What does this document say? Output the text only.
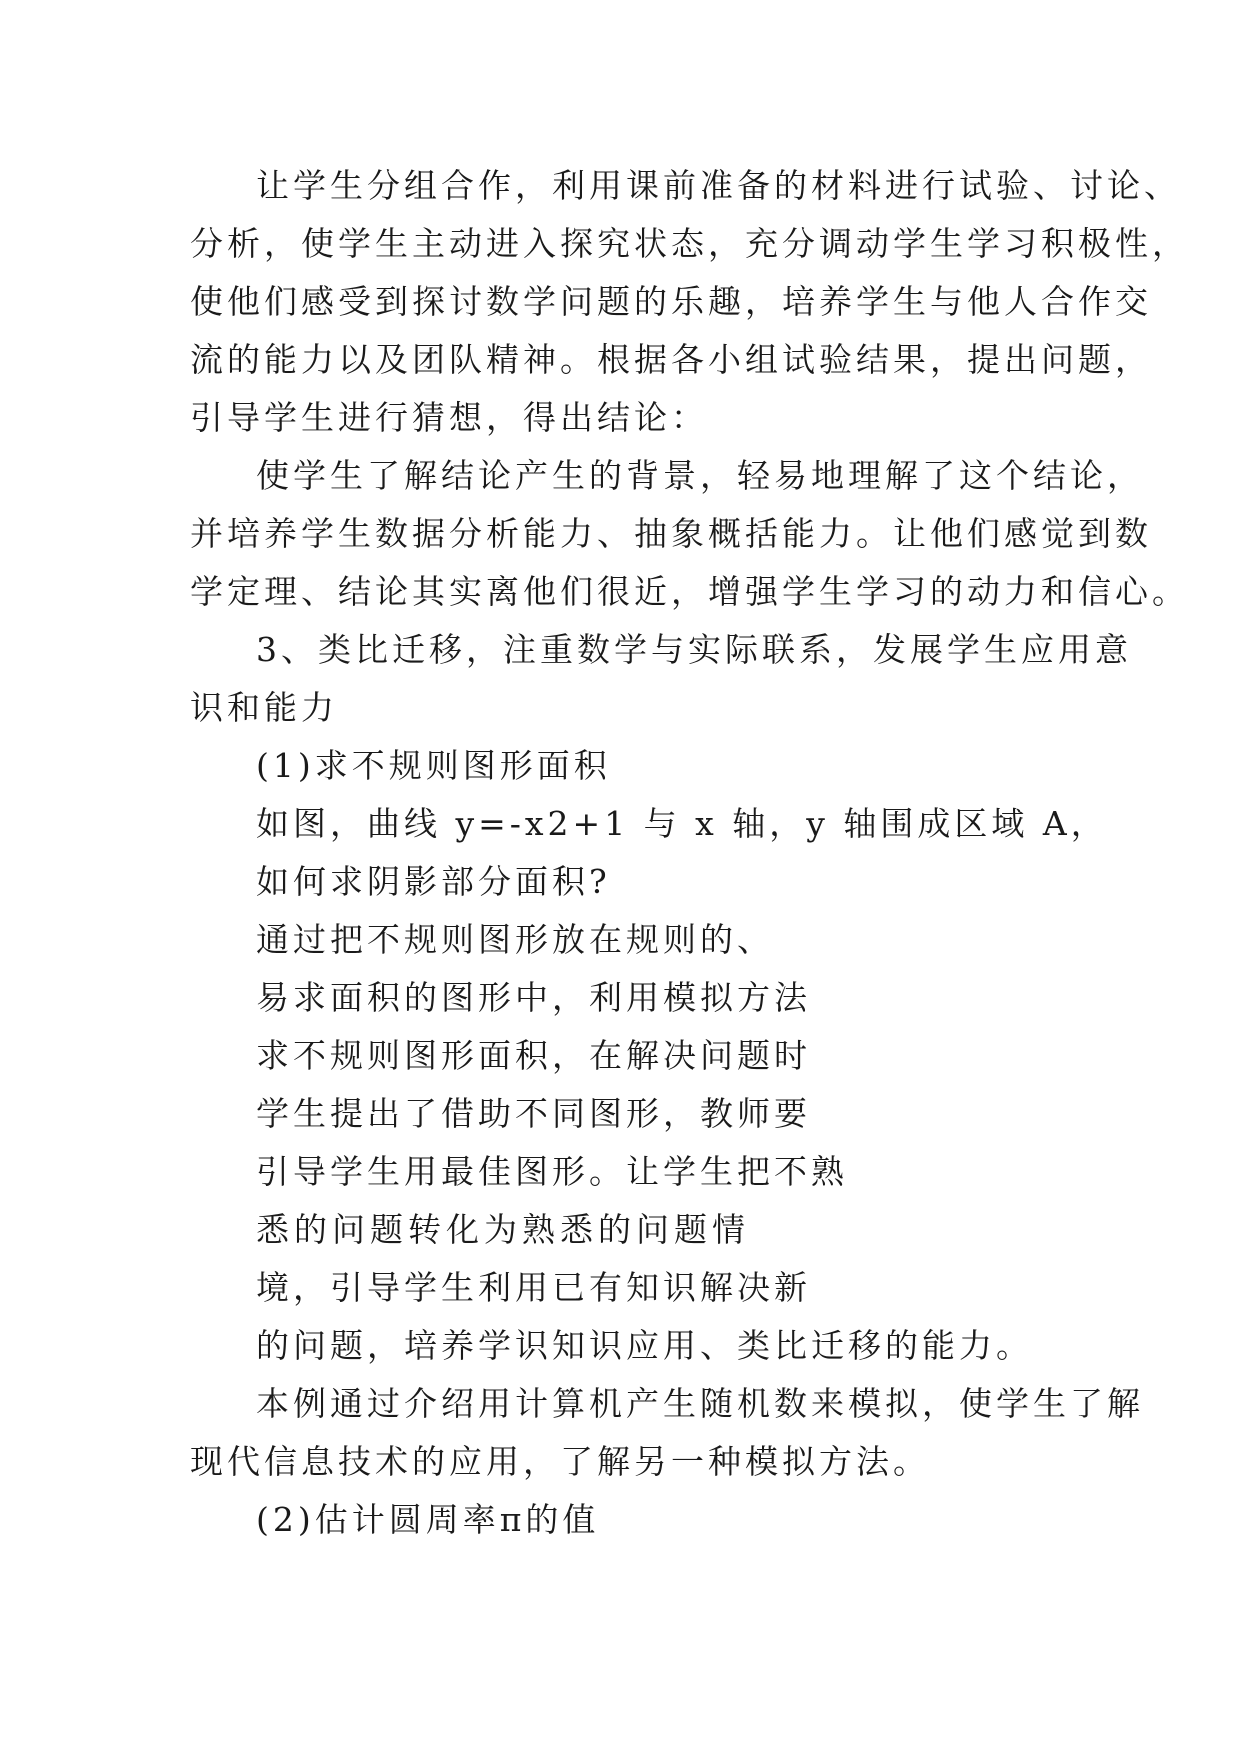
让学生分组合作，利用课前准备的材料进行试验、讨论、
分析，使学生主动进入探究状态，充分调动学生学习积极性，
使他们感受到探讨数学问题的乐趣，培养学生与他人合作交
流的能力以及团队精神。根据各小组试验结果，提出问题，
引导学生进行猜想，得出结论：
使学生了解结论产生的背景，轻易地理解了这个结论，
并培养学生数据分析能力、抽象概括能力。让他们感觉到数
学定理、结论其实离他们很近，增强学生学习的动力和信心。
3、类比迁移，注重数学与实际联系，发展学生应用意
识和能力
(1)求不规则图形面积
如图，曲线 y=-x2+1 与 x 轴，y 轴围成区域 A，
如何求阴影部分面积?
通过把不规则图形放在规则的、
易求面积的图形中，利用模拟方法
求不规则图形面积，在解决问题时
学生提出了借助不同图形，教师要
引导学生用最佳图形。让学生把不熟
悉的问题转化为熟悉的问题情
境，引导学生利用已有知识解决新
的问题，培养学识知识应用、类比迁移的能力。
本例通过介绍用计算机产生随机数来模拟，使学生了解
现代信息技术的应用，了解另一种模拟方法。
(2)估计圆周率π的值
